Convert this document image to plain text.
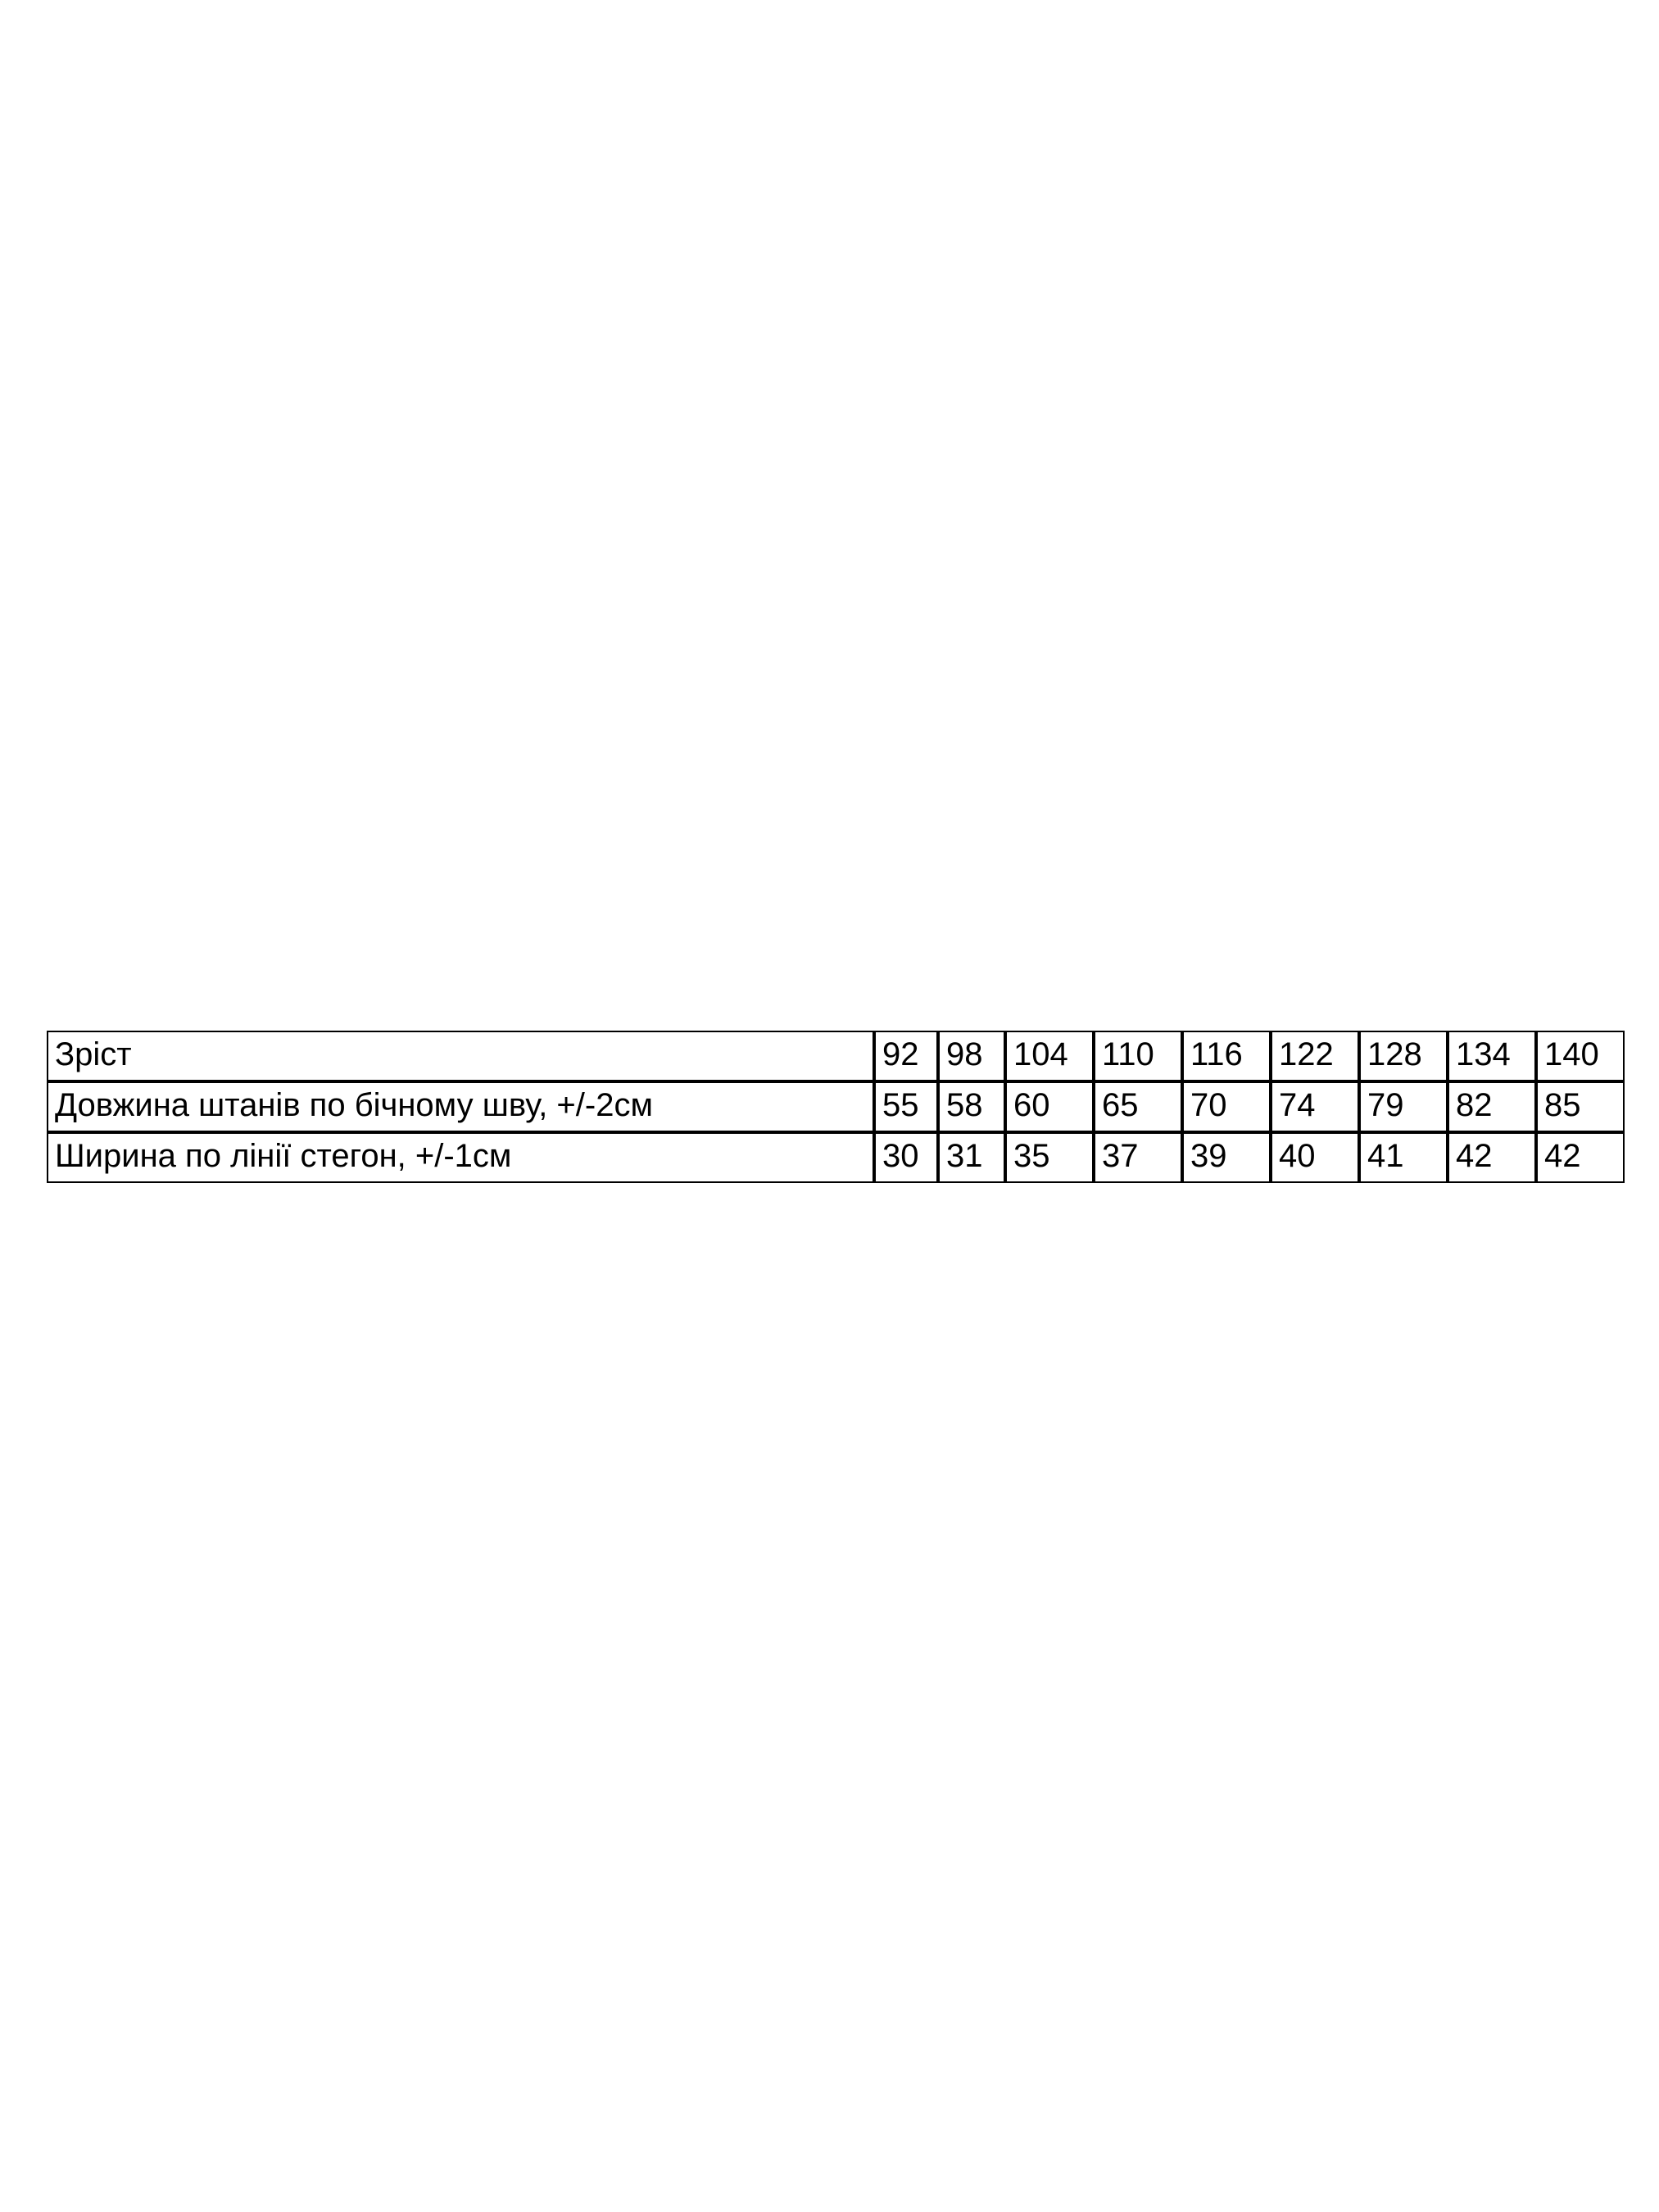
Зріст	92	98	104	110	116	122	128	134	140
Довжина штанів по бічному шву, +/-2см	55	58	60	65	70	74	79	82	85
Ширина по лінії стегон, +/-1см	30	31	35	37	39	40	41	42	42
